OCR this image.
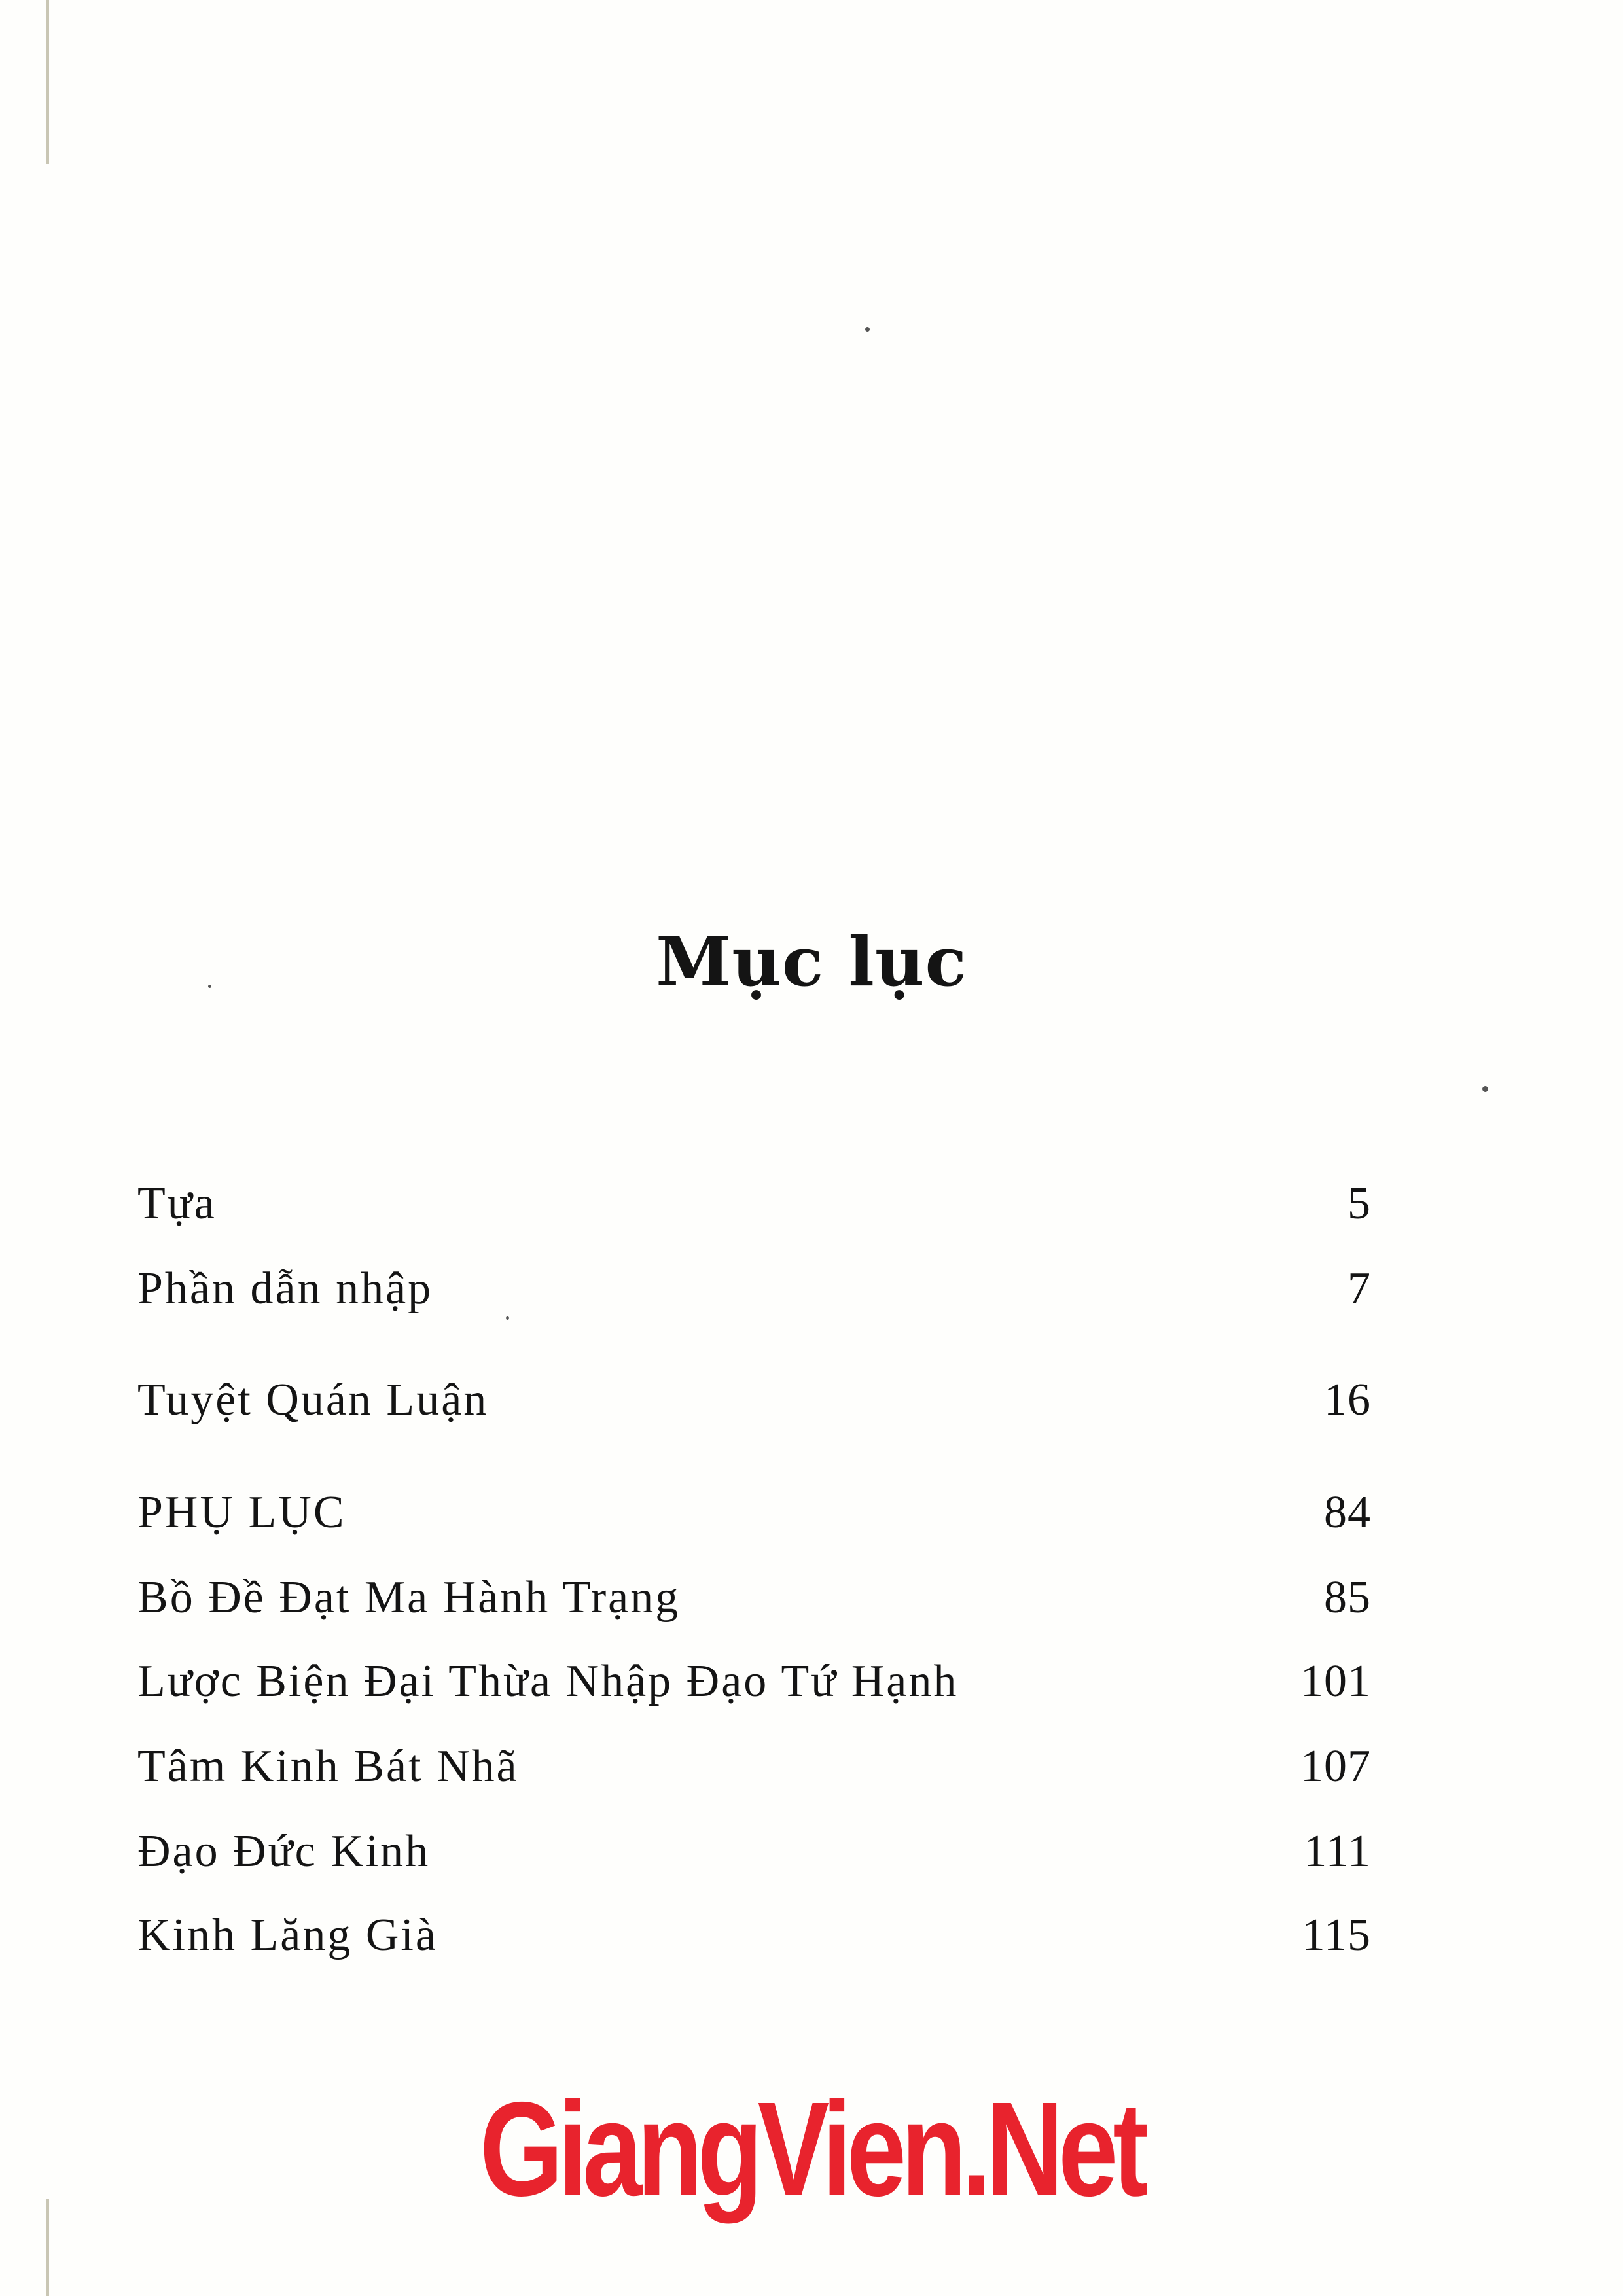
Mục lục
Tựa	5
Phần dẫn nhập	7
Tuyệt Quán Luận	16
PHỤ LỤC	84
Bồ Đề Đạt Ma Hành Trạng	85
Lược Biện Đại Thừa Nhập Đạo Tứ Hạnh	101
Tâm Kinh Bát Nhã	107
Đạo Đức Kinh	111
Kinh Lăng Già	115
GiangVien.Net
